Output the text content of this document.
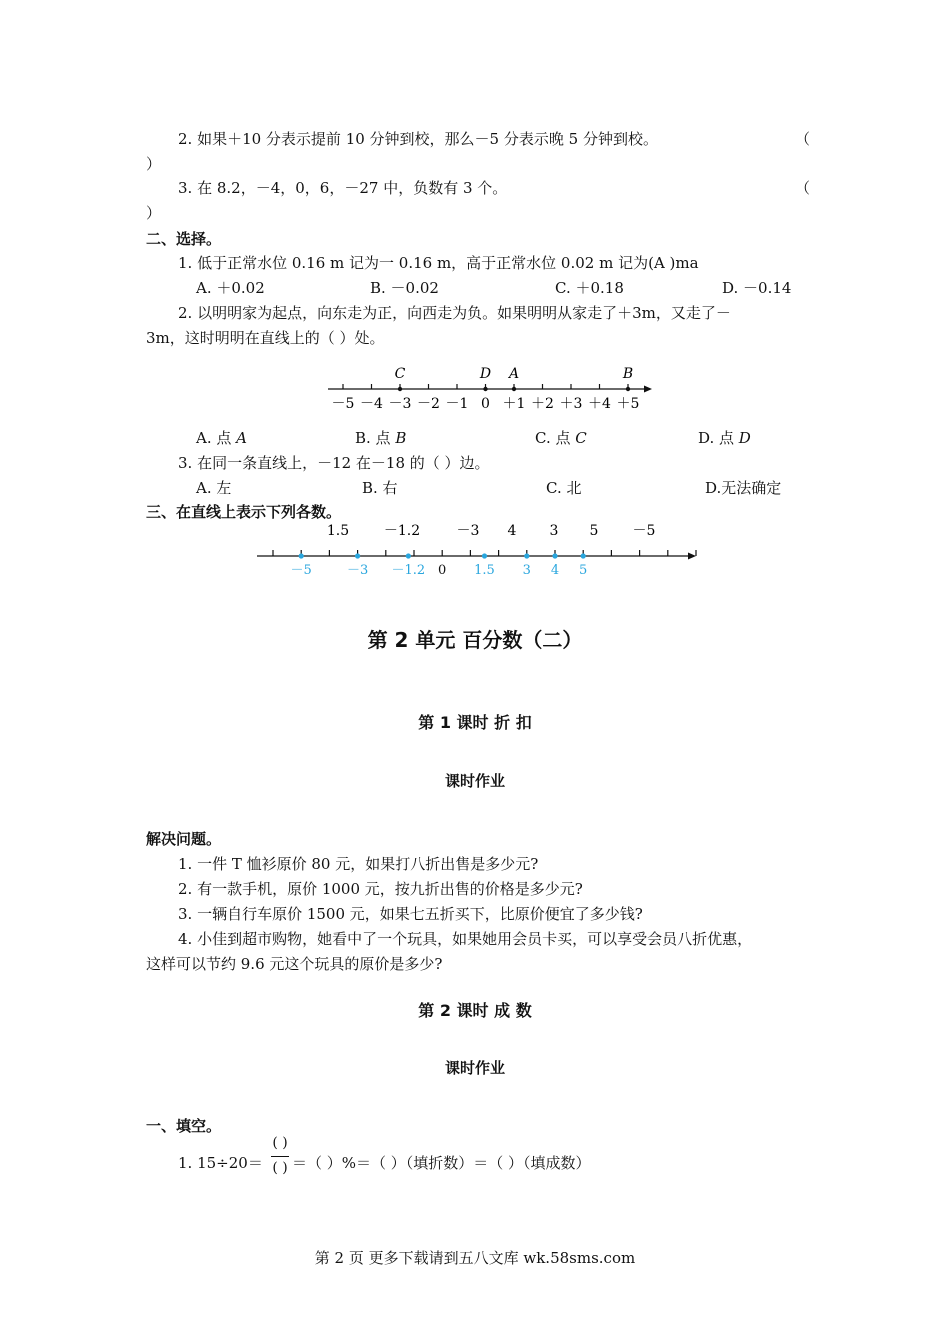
2. 如果＋10 分表示提前 10 分钟到校，那么－5 分表示晚 5 分钟到校。	（
）
3. 在 8.2，－4，0，6，－27 中，负数有 3 个。	（
）
二、选择。
1. 低于正常水位 0.16 m 记为一 0.16 m，高于正常水位 0.02 m 记为(A )ma
A. ＋0.02	B. －0.02	C. ＋0.18	D. －0.14
2. 以明明家为起点，向东走为正，向西走为负。如果明明从家走了＋3m，又走了－
3m，这时明明在直线上的（ ）处。
－5 －4 －3 －2 －1 0 ＋1 ＋2 ＋3 ＋4 ＋5
C	D A	B
A. 点 A	B. 点 B	C. 点 C	D. 点 D
3. 在同一条直线上，－12 在－18 的（ ）边。
A. 左	B. 右	C. 北	D.无法确定
三、在直线上表示下列各数。
1.5 －1.2	－3 4 3 5 －5
－5	－3 －1.2 0 1.5 3 4 5
第 2 单元 百分数（二）
第 1 课时 折 扣
课时作业
解决问题。
1. 一件 T 恤衫原价 80 元，如果打八折出售是多少元?
2. 有一款手机，原价 1000 元，按九折出售的价格是多少元?
3. 一辆自行车原价 1500 元，如果七五折买下，比原价便宜了多少钱?
4. 小佳到超市购物，她看中了一个玩具，如果她用会员卡买，可以享受会员八折优惠，
这样可以节约 9.6 元这个玩具的原价是多少?
第 2 课时 成 数
课时作业
一、填空。
1. 15÷20＝
( )
( ) ＝（ ）%＝（ ）（填折数）＝（ ）（填成数）
第 2 页 更多下载请到五八文库 wk.58sms.com
